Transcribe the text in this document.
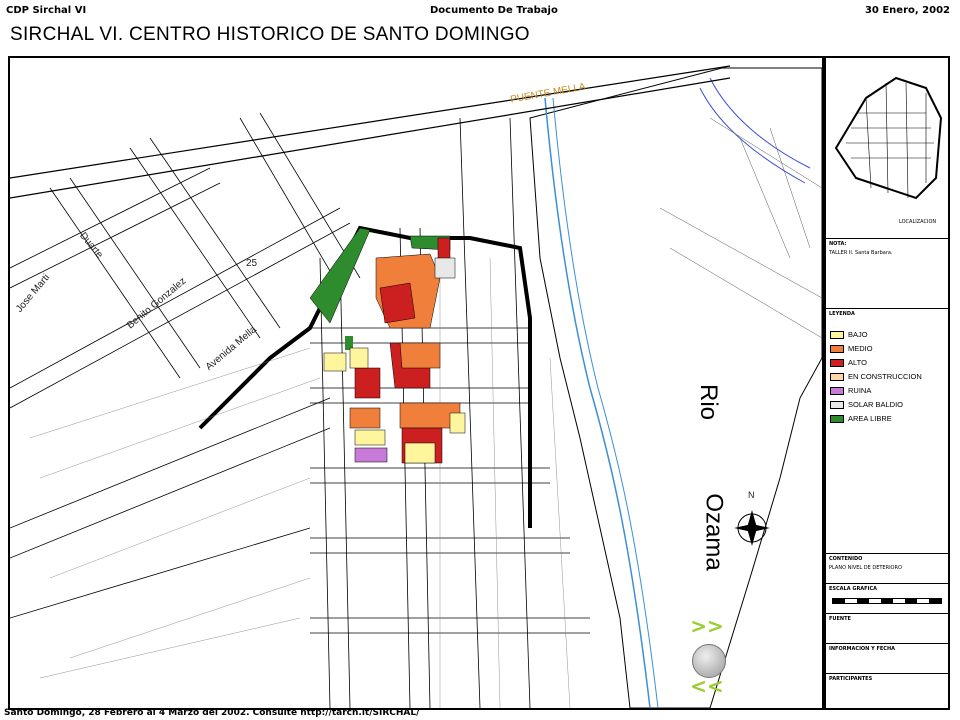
CDP Sirchal VI	Documento De Trabajo	30 Enero, 2002
SIRCHAL VI. CENTRO HISTORICO DE SANTO DOMINGO
PUENTE MELLA
Duarte
Benito Gonzalez
Avenida Mella
Jose Marti
25
Rio
Ozama N
LOCALIZACION
NOTA:
TALLER II. Santa Barbara.
LEYENDA
BAJO
MEDIO
ALTO
EN CONSTRUCCION
RUINA
SOLAR BALDIO
AREA LIBRE
CONTENIDO
PLANO NIVEL DE DETERIORO
ESCALA GRAFICA
FUENTE
INFORMACION Y FECHA
PARTICIPANTES
>>
<<
Santo Domingo, 28 Febrero al 4 Marzo del 2002. Consulte http://tarch.it/SIRCHAL/
